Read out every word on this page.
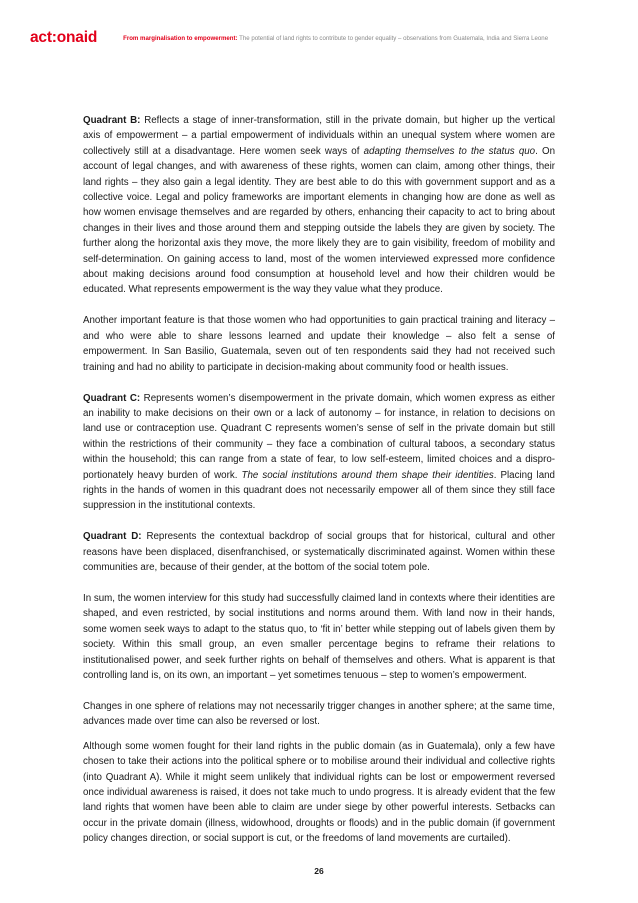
act:onaid	From marginalisation to empowerment: The potential of land rights to contribute to gender equality – observations from Guatemala, India and Sierra Leone

Quadrant B: Reflects a stage of inner-transformation, still in the private domain, but higher up the vertical axis of empowerment – a partial empowerment of individuals within an unequal system where women are collectively still at a disadvantage. Here women seek ways of adapting themselves to the status quo. On account of legal changes, and with awareness of these rights, women can claim, among other things, their land rights – they also gain a legal identity. They are best able to do this with government support and as a collective voice. Legal and policy frameworks are important elements in changing how are done as well as how women envisage themselves and are regarded by others, enhancing their capacity to act to bring about changes in their lives and those around them and stepping outside the labels they are given by society. The further along the horizontal axis they move, the more likely they are to gain visibility, freedom of mobility and self-determination. On gaining access to land, most of the women interviewed expressed more confidence about making decisions around food consumption at household level and how their children would be educated. What represents empowerment is the way they value what they produce.

Another important feature is that those women who had opportunities to gain practical training and literacy – and who were able to share lessons learned and update their knowledge – also felt a sense of empowerment. In San Basilio, Guatemala, seven out of ten respondents said they had not received such training and had no ability to participate in decision-making about community food or health issues.

Quadrant C: Represents women’s disempowerment in the private domain, which women express as either an inability to make decisions on their own or a lack of autonomy – for instance, in relation to decisions on land use or contraception use. Quadrant C represents women’s sense of self in the private domain but still within the restrictions of their community – they face a combination of cultural taboos, a secondary status within the household; this can range from a state of fear, to low self-esteem, limited choices and a disproportionately heavy burden of work. The social institutions around them shape their identities. Placing land rights in the hands of women in this quadrant does not necessarily empower all of them since they still face suppression in the institutional contexts.

Quadrant D: Represents the contextual backdrop of social groups that for historical, cultural and other reasons have been displaced, disenfranchised, or systematically discriminated against. Women within these communities are, because of their gender, at the bottom of the social totem pole.

In sum, the women interview for this study had successfully claimed land in contexts where their identities are shaped, and even restricted, by social institutions and norms around them. With land now in their hands, some women seek ways to adapt to the status quo, to ‘fit in’ better while stepping out of labels given them by society. Within this small group, an even smaller percentage begins to reframe their relations to institutionalised power, and seek further rights on behalf of themselves and others. What is apparent is that controlling land is, on its own, an important – yet sometimes tenuous – step to women’s empowerment.

Changes in one sphere of relations may not necessarily trigger changes in another sphere; at the same time, advances made over time can also be reversed or lost.

Although some women fought for their land rights in the public domain (as in Guatemala), only a few have chosen to take their actions into the political sphere or to mobilise around their individual and collective rights (into Quadrant A). While it might seem unlikely that individual rights can be lost or empowerment reversed once individual awareness is raised, it does not take much to undo progress. It is already evident that the few land rights that women have been able to claim are under siege by other powerful interests. Setbacks can occur in the private domain (illness, widowhood, droughts or floods) and in the public domain (if government policy changes direction, or social support is cut, or the freedoms of land movements are curtailed).

26
